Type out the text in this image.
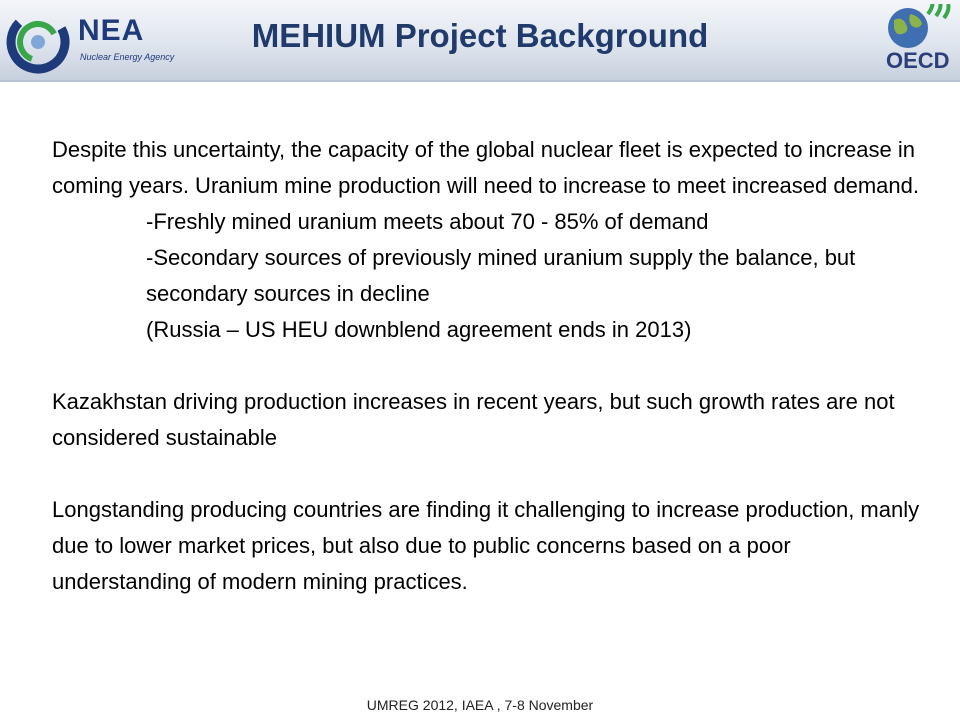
NEA
Nuclear Energy Agency
MEHIUM Project Background
OECD

Despite this uncertainty, the capacity of the global nuclear fleet is expected to increase in coming years. Uranium mine production will need to increase to meet increased demand.

-Freshly mined uranium meets about 70 - 85% of demand

-Secondary sources of previously mined uranium supply the balance, but secondary sources in decline

(Russia – US HEU downblend agreement ends in 2013)

Kazakhstan driving production increases in recent years, but such growth rates are not considered sustainable

Longstanding producing countries are finding it challenging to increase production, manly due to lower market prices, but also due to public concerns based on a poor understanding of modern mining practices.

UMREG 2012, IAEA , 7-8 November
